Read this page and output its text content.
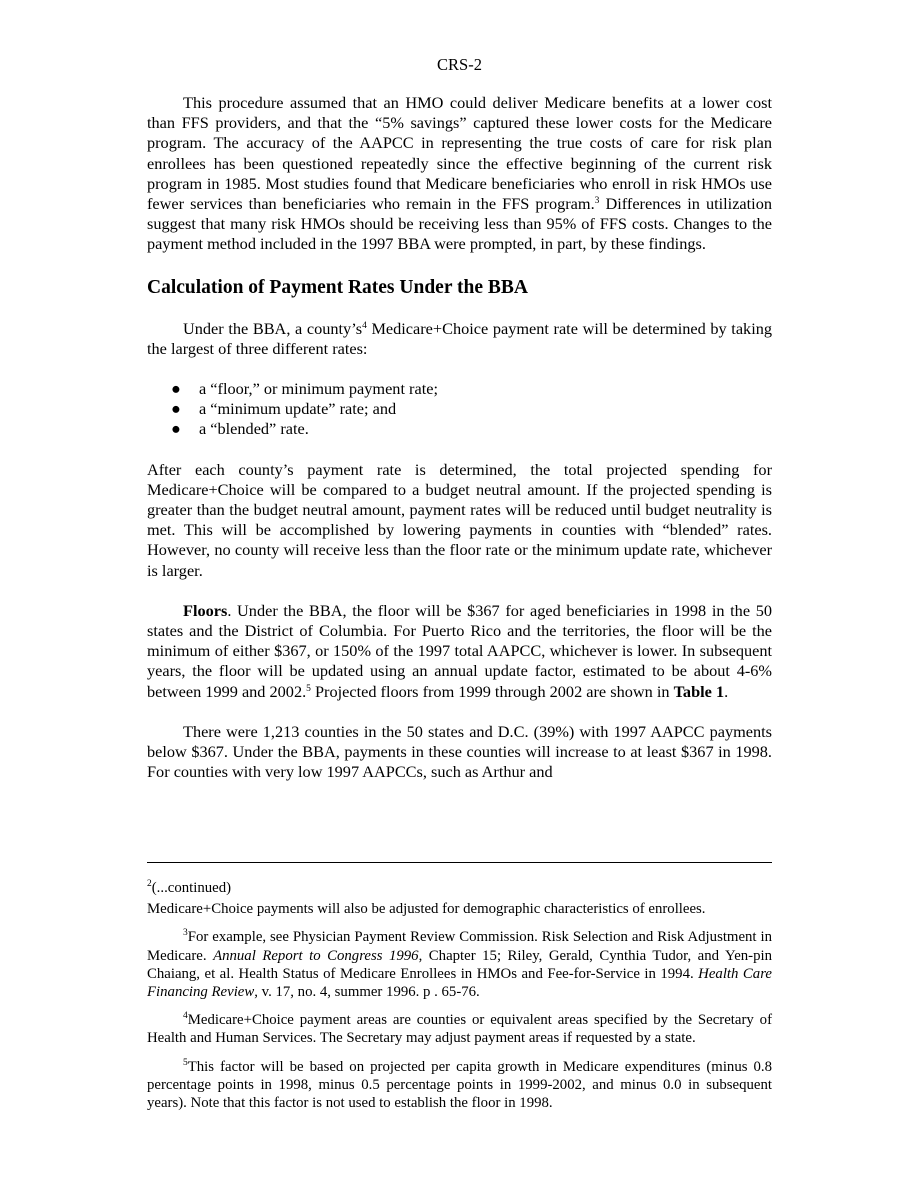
CRS-2

This procedure assumed that an HMO could deliver Medicare benefits at a lower cost than FFS providers, and that the “5% savings” captured these lower costs for the Medicare program. The accuracy of the AAPCC in representing the true costs of care for risk plan enrollees has been questioned repeatedly since the effective beginning of the current risk program in 1985. Most studies found that Medicare beneficiaries who enroll in risk HMOs use fewer services than beneficiaries who remain in the FFS program.$^3$ Differences in utilization suggest that many risk HMOs should be receiving less than 95% of FFS costs. Changes to the payment method included in the 1997 BBA were prompted, in part, by these findings.

Calculation of Payment Rates Under the BBA

Under the BBA, a $county’s^4$ Medicare+Choice payment rate will be determined by taking the largest of three different rates:

● a “floor,” or minimum payment rate;
● a “minimum update” rate; and
● a “blended” rate.

After each county’s payment rate is determined, the total projected spending for Medicare+Choice will be compared to a budget neutral amount. If the projected spending is greater than the budget neutral amount, payment rates will be reduced until budget neutrality is met. This will be accomplished by lowering payments in counties with “blended” rates. However, no county will receive less than the floor rate or the minimum update rate, whichever is larger.

Floors. Under the BBA, the floor will be $367 for aged beneficiaries in 1998 in the 50 states and the District of Columbia. For Puerto Rico and the territories, the floor will be the minimum of either $367, or 150% of the 1997 total AAPCC, whichever is lower. In subsequent years, the floor will be updated using an annual update factor, estimated to be about 4-6% between 1999 and 2002.$^5$ Projected floors from 1999 through 2002 are shown in Table 1.

There were 1,213 counties in the 50 states and D.C. (39%) with 1997 AAPCC payments below $367. Under the BBA, payments in these counties will increase to at least $367 in 1998. For counties with very low 1997 AAPCCs, such as Arthur and

$^2$(...continued)

Medicare+Choice payments will also be adjusted for demographic characteristics of enrollees.

$^3$For example, see Physician Payment Review Commission. Risk Selection and Risk Adjustment in Medicare. Annual Report to Congress 1996, Chapter 15; Riley, Gerald, Cynthia Tudor, and Yen-pin Chaiang, et al. Health Status of Medicare Enrollees in HMOs and Fee-for-Service in 1994. Health Care Financing Review, v. 17, no. 4, summer 1996. p . 65-76.

$^4$Medicare+Choice payment areas are counties or equivalent areas specified by the Secretary of Health and Human Services. The Secretary may adjust payment areas if requested by a state.

$^5$This factor will be based on projected per capita growth in Medicare expenditures (minus 0.8 percentage points in 1998, minus 0.5 percentage points in 1999-2002, and minus 0.0 in subsequent years). Note that this factor is not used to establish the floor in 1998.
